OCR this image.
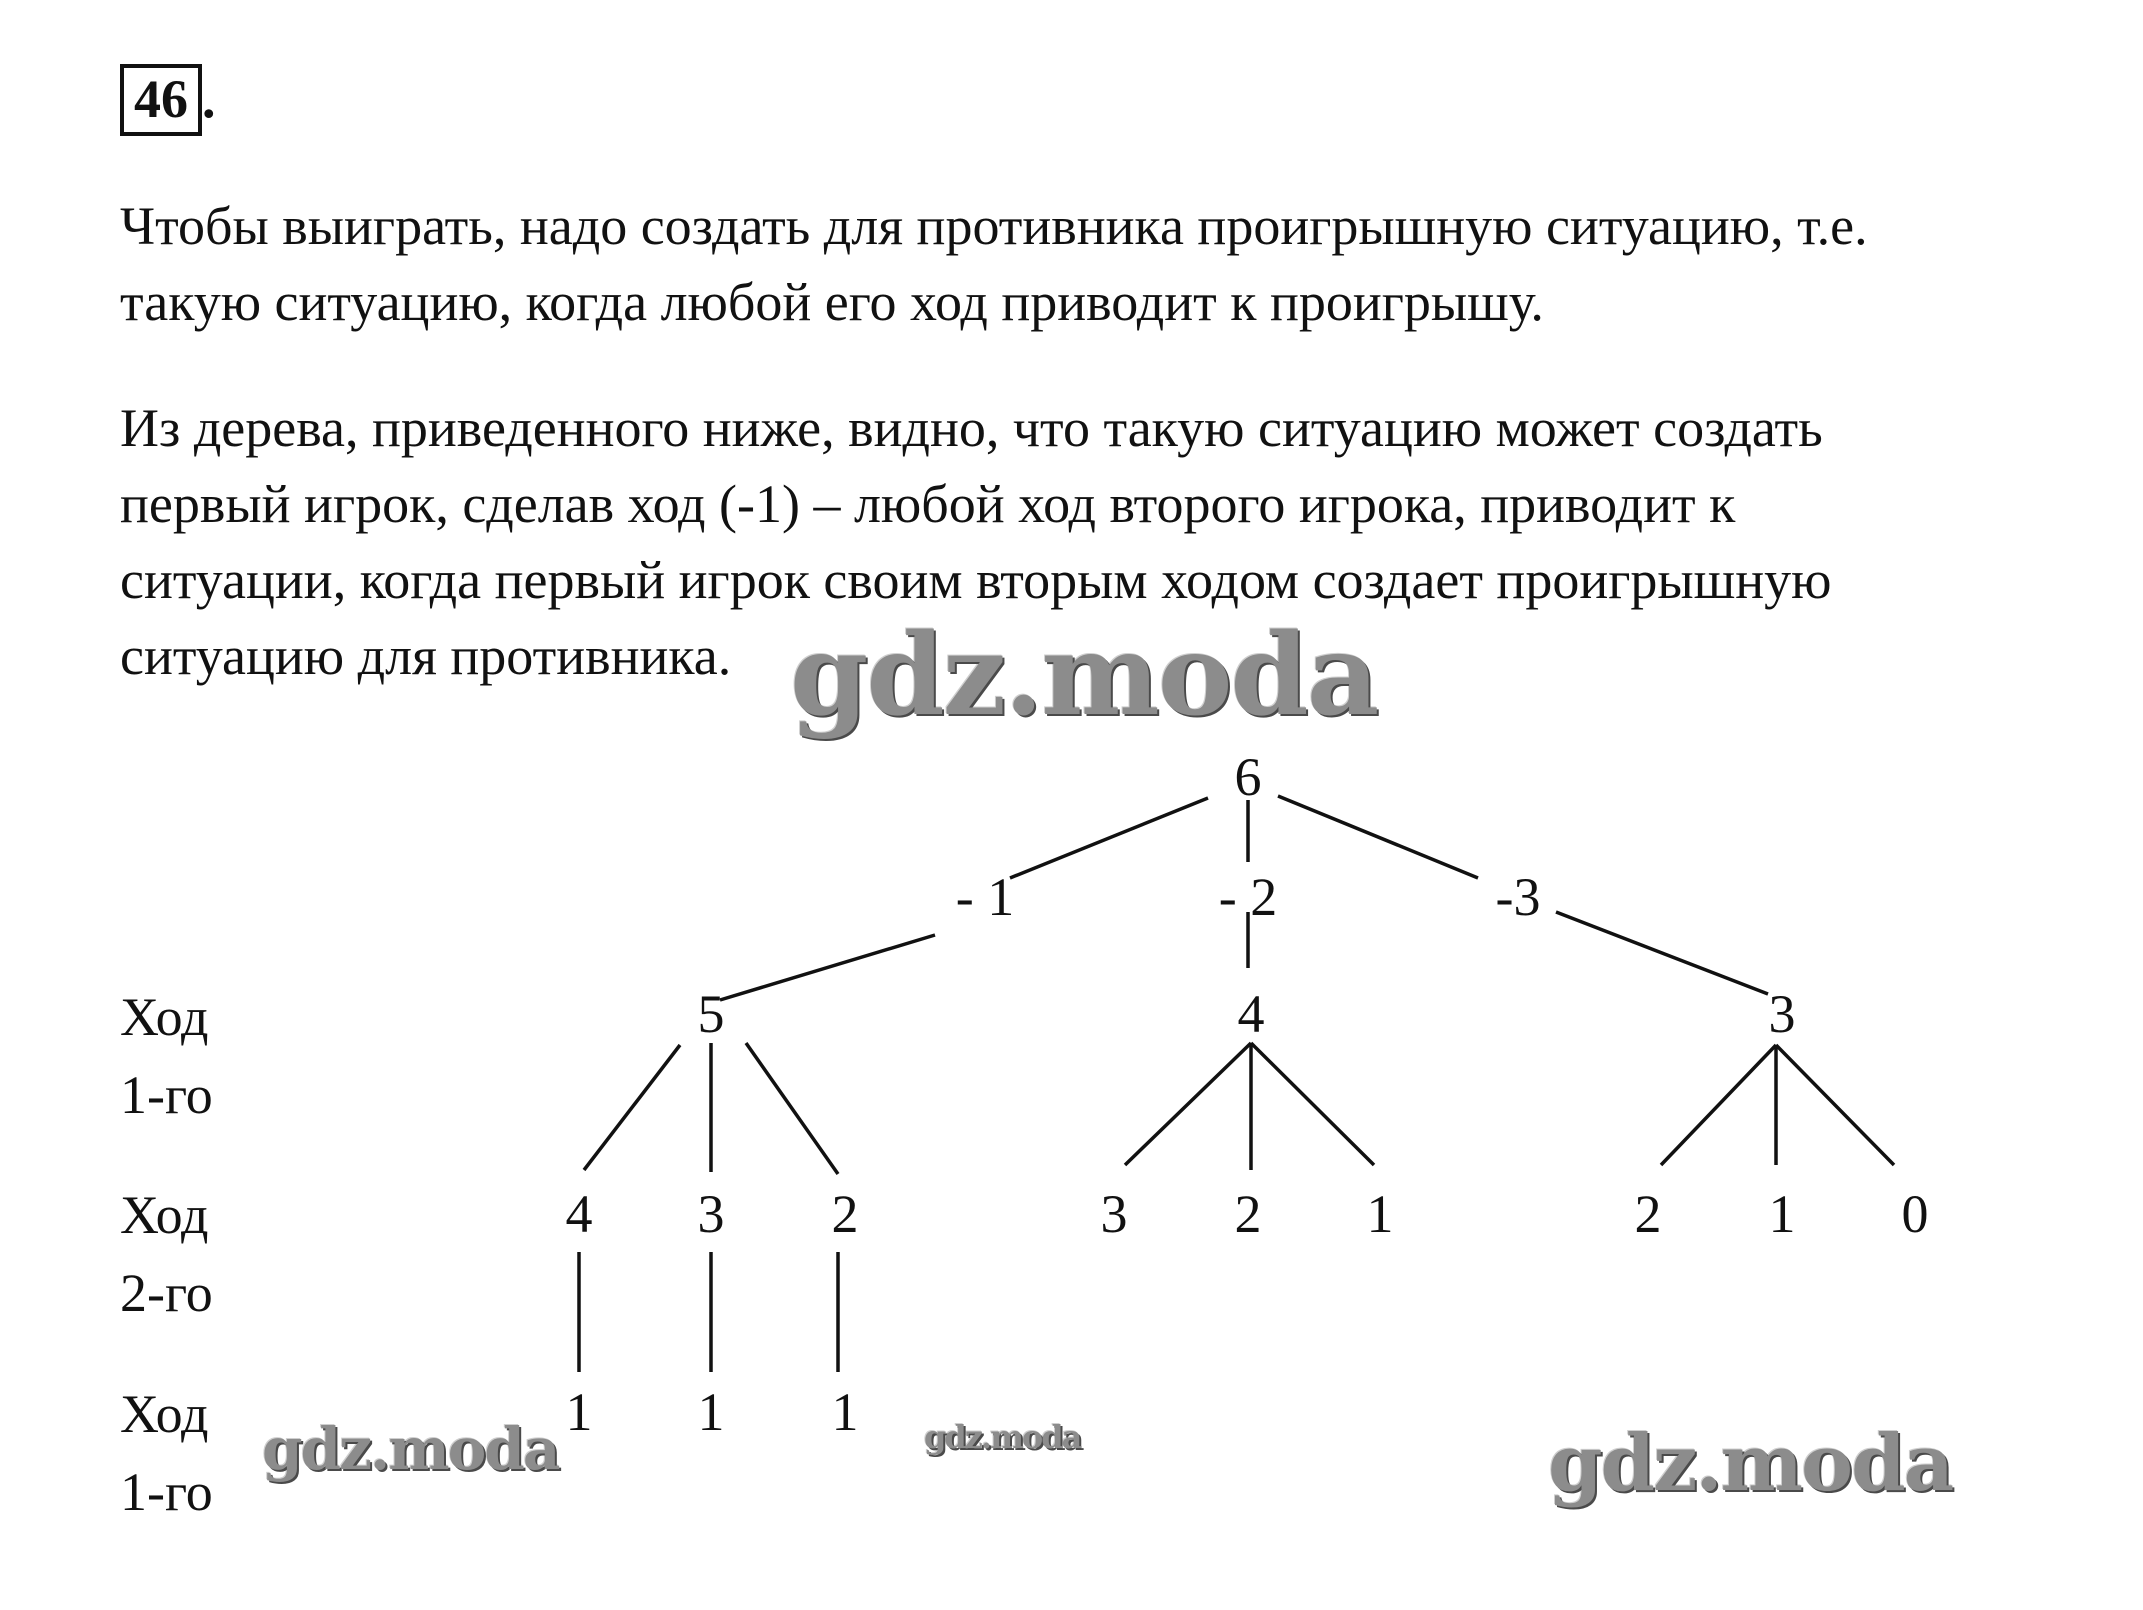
46 .
Чтобы выиграть, надо создать для противника проигрышную ситуацию, т.е.
такую ситуацию, когда любой его ход приводит к проигрышу.
Из дерева, приведенного ниже, видно, что такую ситуацию может создать
первый игрок, сделав ход (-1) – любой ход второго игрока, приводит к
ситуации, когда первый игрок своим вторым ходом создает проигрышную
ситуацию для противника.
6
- 1	- 2	-3
5	4	3
4 3 2	3 2 1	2 1 0
1 1 1
Ход
1-го
Ход
2-го
Ход
1-го
gdz.moda
gdz.moda	gdz.moda	gdz.moda
